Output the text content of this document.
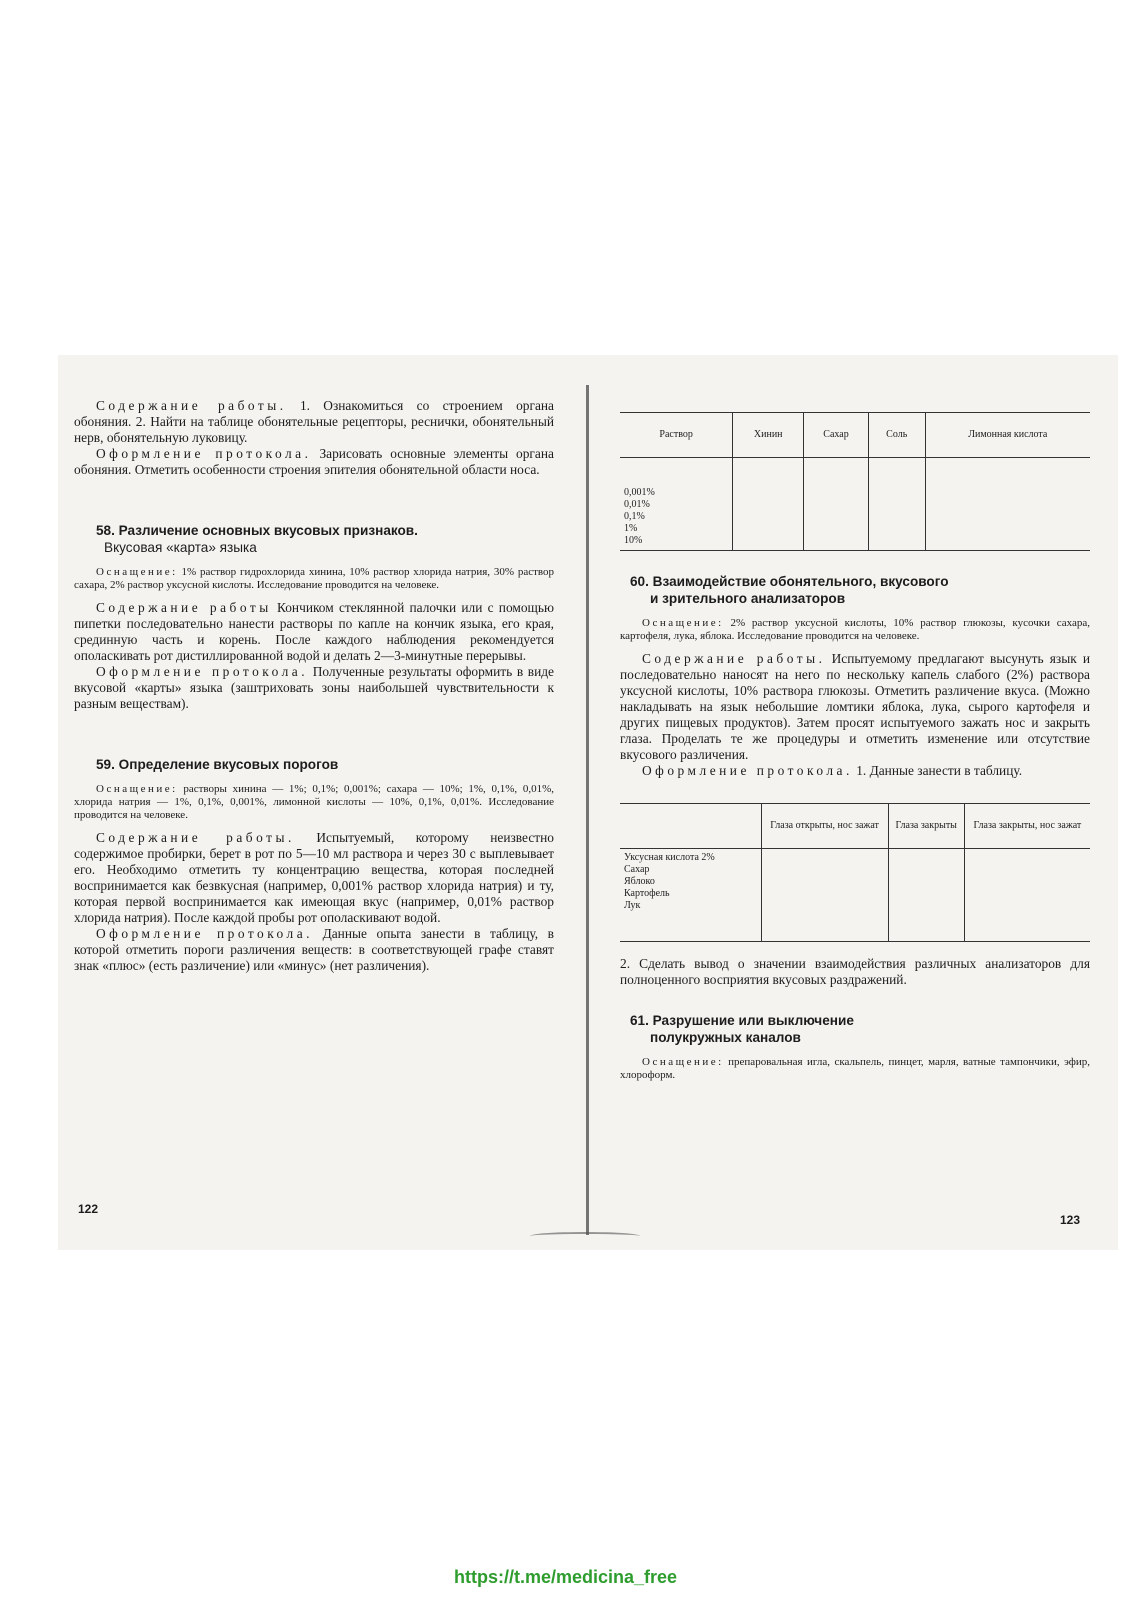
Содержание работы. 1. Ознакомиться со строением органа обоняния. 2. Найти на таблице обонятельные рецепторы, реснички, обонятельный нерв, обонятельную луковицу.

Оформление протокола. Зарисовать основные элементы органа обоняния. Отметить особенности строения эпителия обонятельной области носа.

58. Различение основных вкусовых признаков.
Вкусовая «карта» языка

Оснащение: 1% раствор гидрохлорида хинина, 10% раствор хлорида натрия, 30% раствор сахара, 2% раствор уксусной кислоты. Исследование проводится на человеке.

Содержание работы Кончиком стеклянной палочки или с помощью пипетки последовательно нанести растворы по капле на кончик языка, его края, срединную часть и корень. После каждого наблюдения рекомендуется ополаскивать рот дистиллированной водой и делать 2—3-минутные перерывы.

Оформление протокола. Полученные результаты оформить в виде вкусовой «карты» языка (заштриховать зоны наибольшей чувствительности к разным веществам).

59. Определение вкусовых порогов

Оснащение: растворы хинина — 1%; 0,1%; 0,001%; сахара — 10%; 1%, 0,1%, 0,01%, хлорида натрия — 1%, 0,1%, 0,001%, лимонной кислоты — 10%, 0,1%, 0,01%. Исследование проводится на человеке.

Содержание работы. Испытуемый, которому неизвестно содержимое пробирки, берет в рот по 5—10 мл раствора и через 30 с выплевывает его. Необходимо отметить ту концентрацию вещества, которая последней воспринимается как безвкусная (например, 0,001% раствор хлорида натрия) и ту, которая первой воспринимается как имеющая вкус (например, 0,01% раствор хлорида натрия). После каждой пробы рот ополаскивают водой.

Оформление протокола. Данные опыта занести в таблицу, в которой отметить пороги различения веществ: в соответствующей графе ставят знак «плюс» (есть различение) или «минус» (нет различения).

122
Раствор	Хинин	Сахар	Соль	Лимонная кислота
0,001%
0,01%
0,1%
1%
10%				
60. Взаимодействие обонятельного, вкусового
и зрительного анализаторов

Оснащение: 2% раствор уксусной кислоты, 10% раствор глюкозы, кусочки сахара, картофеля, лука, яблока. Исследование проводится на человеке.

Содержание работы. Испытуемому предлагают высунуть язык и последовательно наносят на него по нескольку капель слабого (2%) раствора уксусной кислоты, 10% раствора глюкозы. Отметить различение вкуса. (Можно накладывать на язык небольшие ломтики яблока, лука, сырого картофеля и других пищевых продуктов). Затем просят испытуемого зажать нос и закрыть глаза. Проделать те же процедуры и отметить изменение или отсутствие вкусового различения.

Оформление протокола. 1. Данные занести в таблицу.

	Глаза открыты, нос зажат	Глаза закрыты	Глаза закрыты, нос зажат
Уксусная кислота 2%
Сахар
Яблоко
Картофель
Лук			

2. Сделать вывод о значении взаимодействия различных анализаторов для полноценного восприятия вкусовых раздражений.

61. Разрушение или выключение
полукружных каналов

Оснащение: препаровальная игла, скальпель, пинцет, марля, ватные тампончики, эфир, хлороформ.

123
https://t.me/medicina_free
